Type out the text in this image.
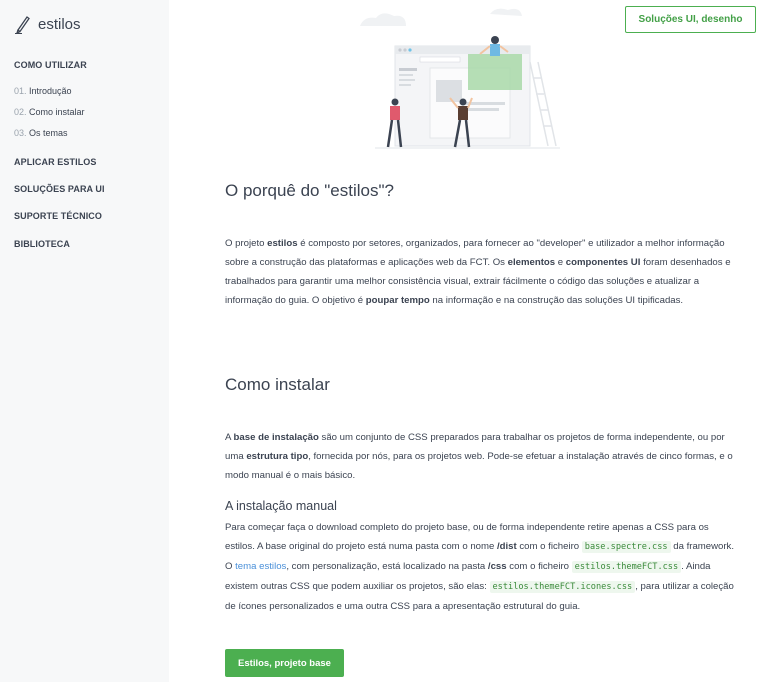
estilos
COMO UTILIZAR
01. Introdução
02. Como instalar
03. Os temas
APLICAR ESTILOS
SOLUÇÕES PARA UI
SUPORTE TÉCNICO
BIBLIOTECA
Soluções UI, desenho
O porquê do "estilos"?

O projeto estilos é composto por setores, organizados, para fornecer ao "developer" e utilizador a melhor informação sobre a construção das plataformas e aplicações web da FCT. Os elementos e componentes UI foram desenhados e trabalhados para garantir uma melhor consistência visual, extrair fácilmente o código das soluções e atualizar a informação do guia. O objetivo é poupar tempo na informação e na construção das soluções UI tipificadas.

Como instalar

A base de instalação são um conjunto de CSS preparados para trabalhar os projetos de forma independente, ou por uma estrutura tipo, fornecida por nós, para os projetos web. Pode-se efetuar a instalação através de cinco formas, e o modo manual é o mais básico.

A instalação manual

Para começar faça o download completo do projeto base, ou de forma independente retire apenas a CSS para os estilos. A base original do projeto está numa pasta com o nome /dist com o ficheiro base.spectre.css da framework. O tema estilos, com personalização, está localizado na pasta /css com o ficheiro estilos.themeFCT.css . Ainda existem outras CSS que podem auxiliar os projetos, são elas: estilos.themeFCT.icones.css , para utilizar a coleção de ícones personalizados e uma outra CSS para a apresentação estrutural do guia.

Estilos, projeto base
